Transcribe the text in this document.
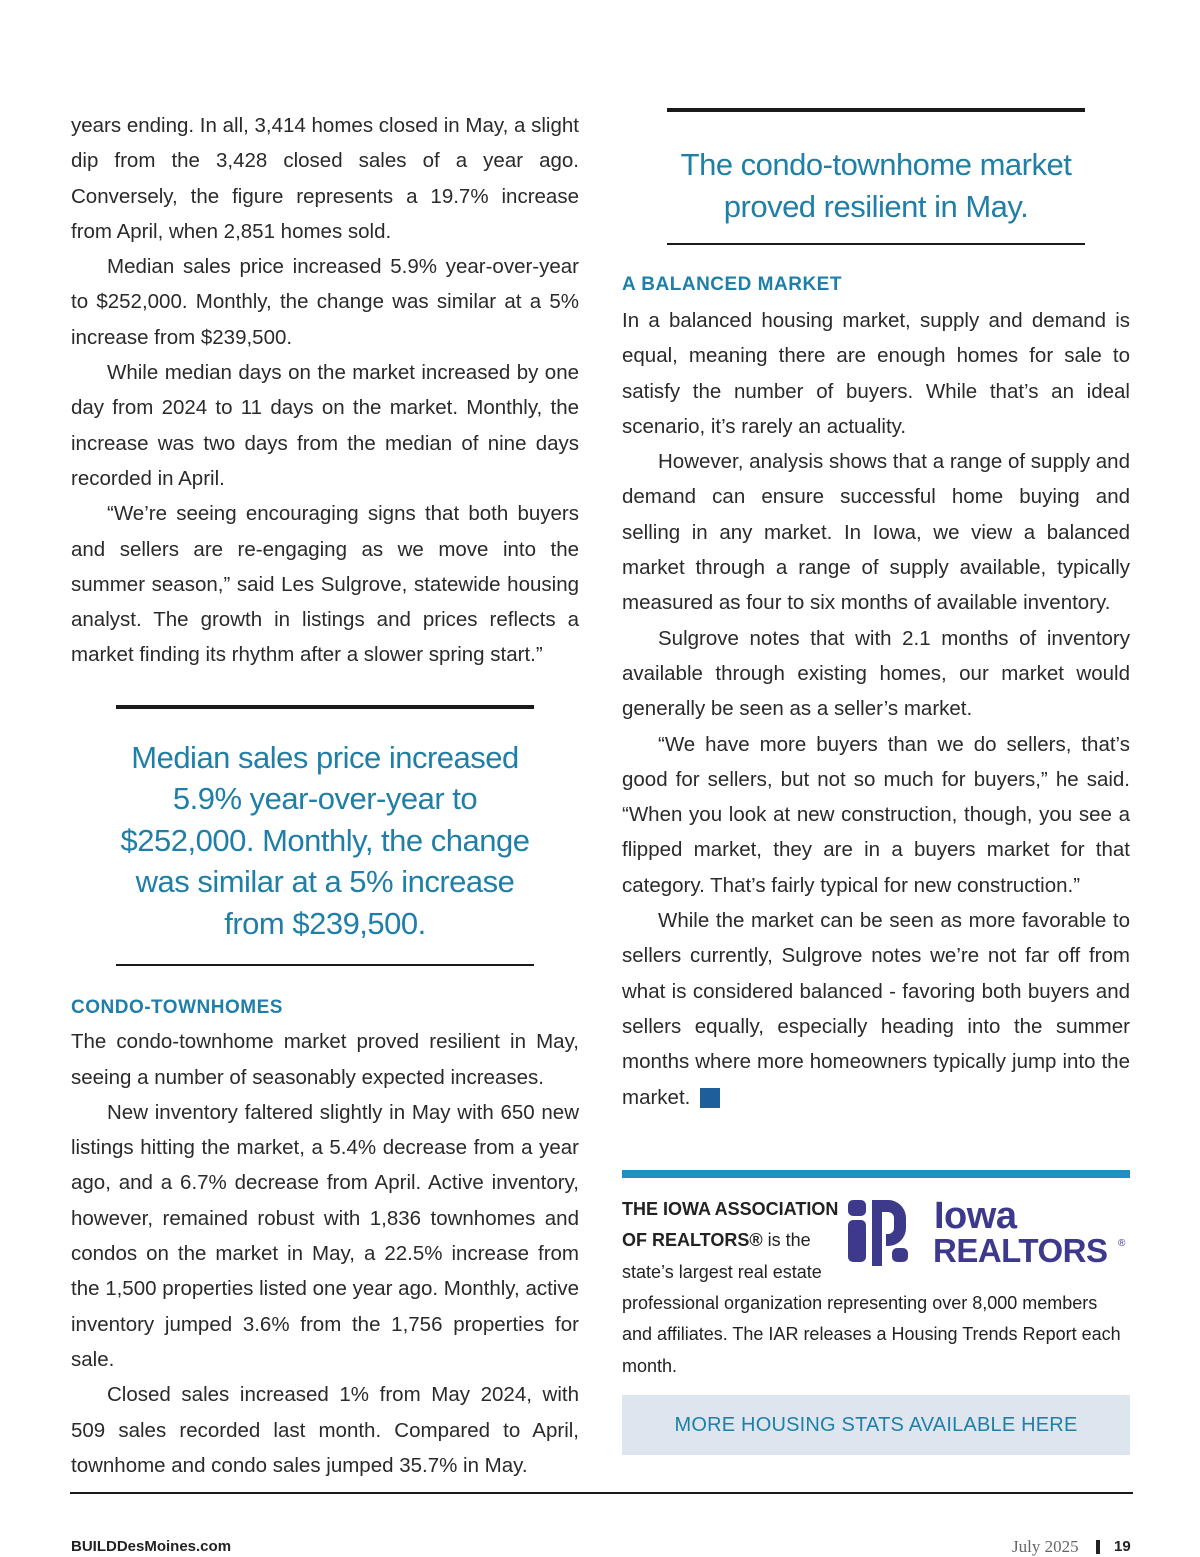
years ending. In all, 3,414 homes closed in May, a slight dip from the 3,428 closed sales of a year ago. Conversely, the figure represents a 19.7% increase from April, when 2,851 homes sold.

Median sales price increased 5.9% year-over-year to $252,000. Monthly, the change was similar at a 5% increase from $239,500.

While median days on the market increased by one day from 2024 to 11 days on the market. Monthly, the increase was two days from the median of nine days recorded in April.

“We’re seeing encouraging signs that both buyers and sellers are re-engaging as we move into the summer season,” said Les Sulgrove, statewide housing analyst. The growth in listings and prices reflects a market finding its rhythm after a slower spring start.”

Median sales price increased 5.9% year-over-year to $252,000. Monthly, the change was similar at a 5% increase from $239,500.
CONDO-TOWNHOMES

The condo-townhome market proved resilient in May, seeing a number of seasonably expected increases.

New inventory faltered slightly in May with 650 new listings hitting the market, a 5.4% decrease from a year ago, and a 6.7% decrease from April. Active inventory, however, remained robust with 1,836 townhomes and condos on the market in May, a 22.5% increase from the 1,500 properties listed one year ago. Monthly, active inventory jumped 3.6% from the 1,756 properties for sale.

Closed sales increased 1% from May 2024, with 509 sales recorded last month. Compared to April, townhome and condo sales jumped 35.7% in May.

The condo-townhome market proved resilient in May.
A BALANCED MARKET

In a balanced housing market, supply and demand is equal, meaning there are enough homes for sale to satisfy the number of buyers. While that’s an ideal scenario, it’s rarely an actuality.

However, analysis shows that a range of supply and demand can ensure successful home buying and selling in any market. In Iowa, we view a balanced market through a range of supply available, typically measured as four to six months of available inventory.

Sulgrove notes that with 2.1 months of inventory available through existing homes, our market would generally be seen as a seller’s market.

“We have more buyers than we do sellers, that’s good for sellers, but not so much for buyers,” he said. “When you look at new construction, though, you see a flipped market, they are in a buyers market for that category. That’s fairly typical for new construction.”

While the market can be seen as more favorable to sellers currently, Sulgrove notes we’re not far off from what is considered balanced - favoring both buyers and sellers equally, especially heading into the summer months where more homeowners typically jump into the market.	B

Iowa
REALTORS ®
THE IOWA ASSOCIATION OF REALTORS® is the state’s largest real estate
professional organization representing over 8,000 members and affiliates. The IAR releases a Housing Trends Report each month.
MORE HOUSING STATS AVAILABLE HERE
BUILDDesMoines.com	July 2025 19
